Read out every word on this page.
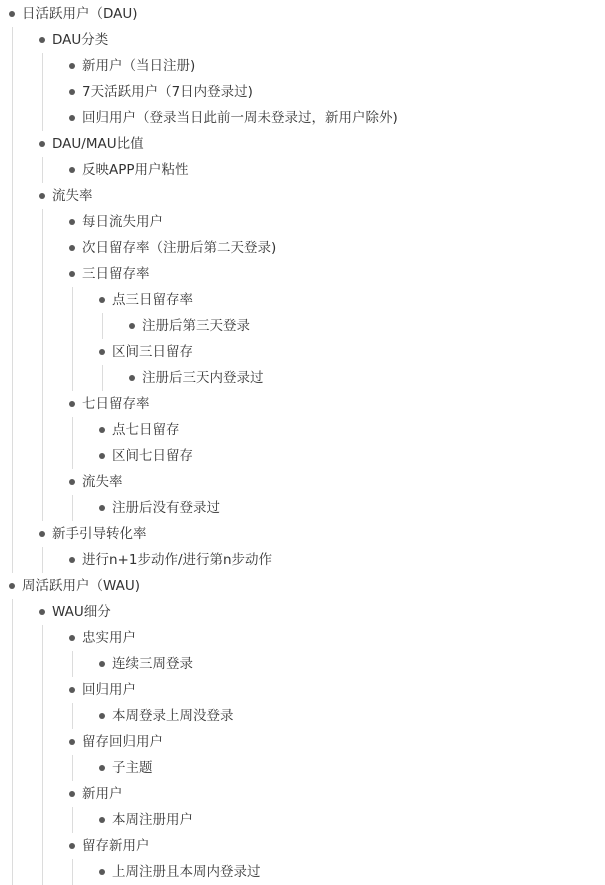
日活跃用户（DAU)
DAU分类
新用户（当日注册)
7天活跃用户（7日内登录过)
回归用户（登录当日此前一周未登录过，新用户除外)
DAU/MAU比值
反映APP用户粘性
流失率
每日流失用户
次日留存率（注册后第二天登录)
三日留存率
点三日留存率
注册后第三天登录
区间三日留存
注册后三天内登录过
七日留存率
点七日留存
区间七日留存
流失率
注册后没有登录过
新手引导转化率
进行n+1步动作/进行第n步动作
周活跃用户（WAU)
WAU细分
忠实用户
连续三周登录
回归用户
本周登录上周没登录
留存回归用户
子主题
新用户
本周注册用户
留存新用户
上周注册且本周内登录过
